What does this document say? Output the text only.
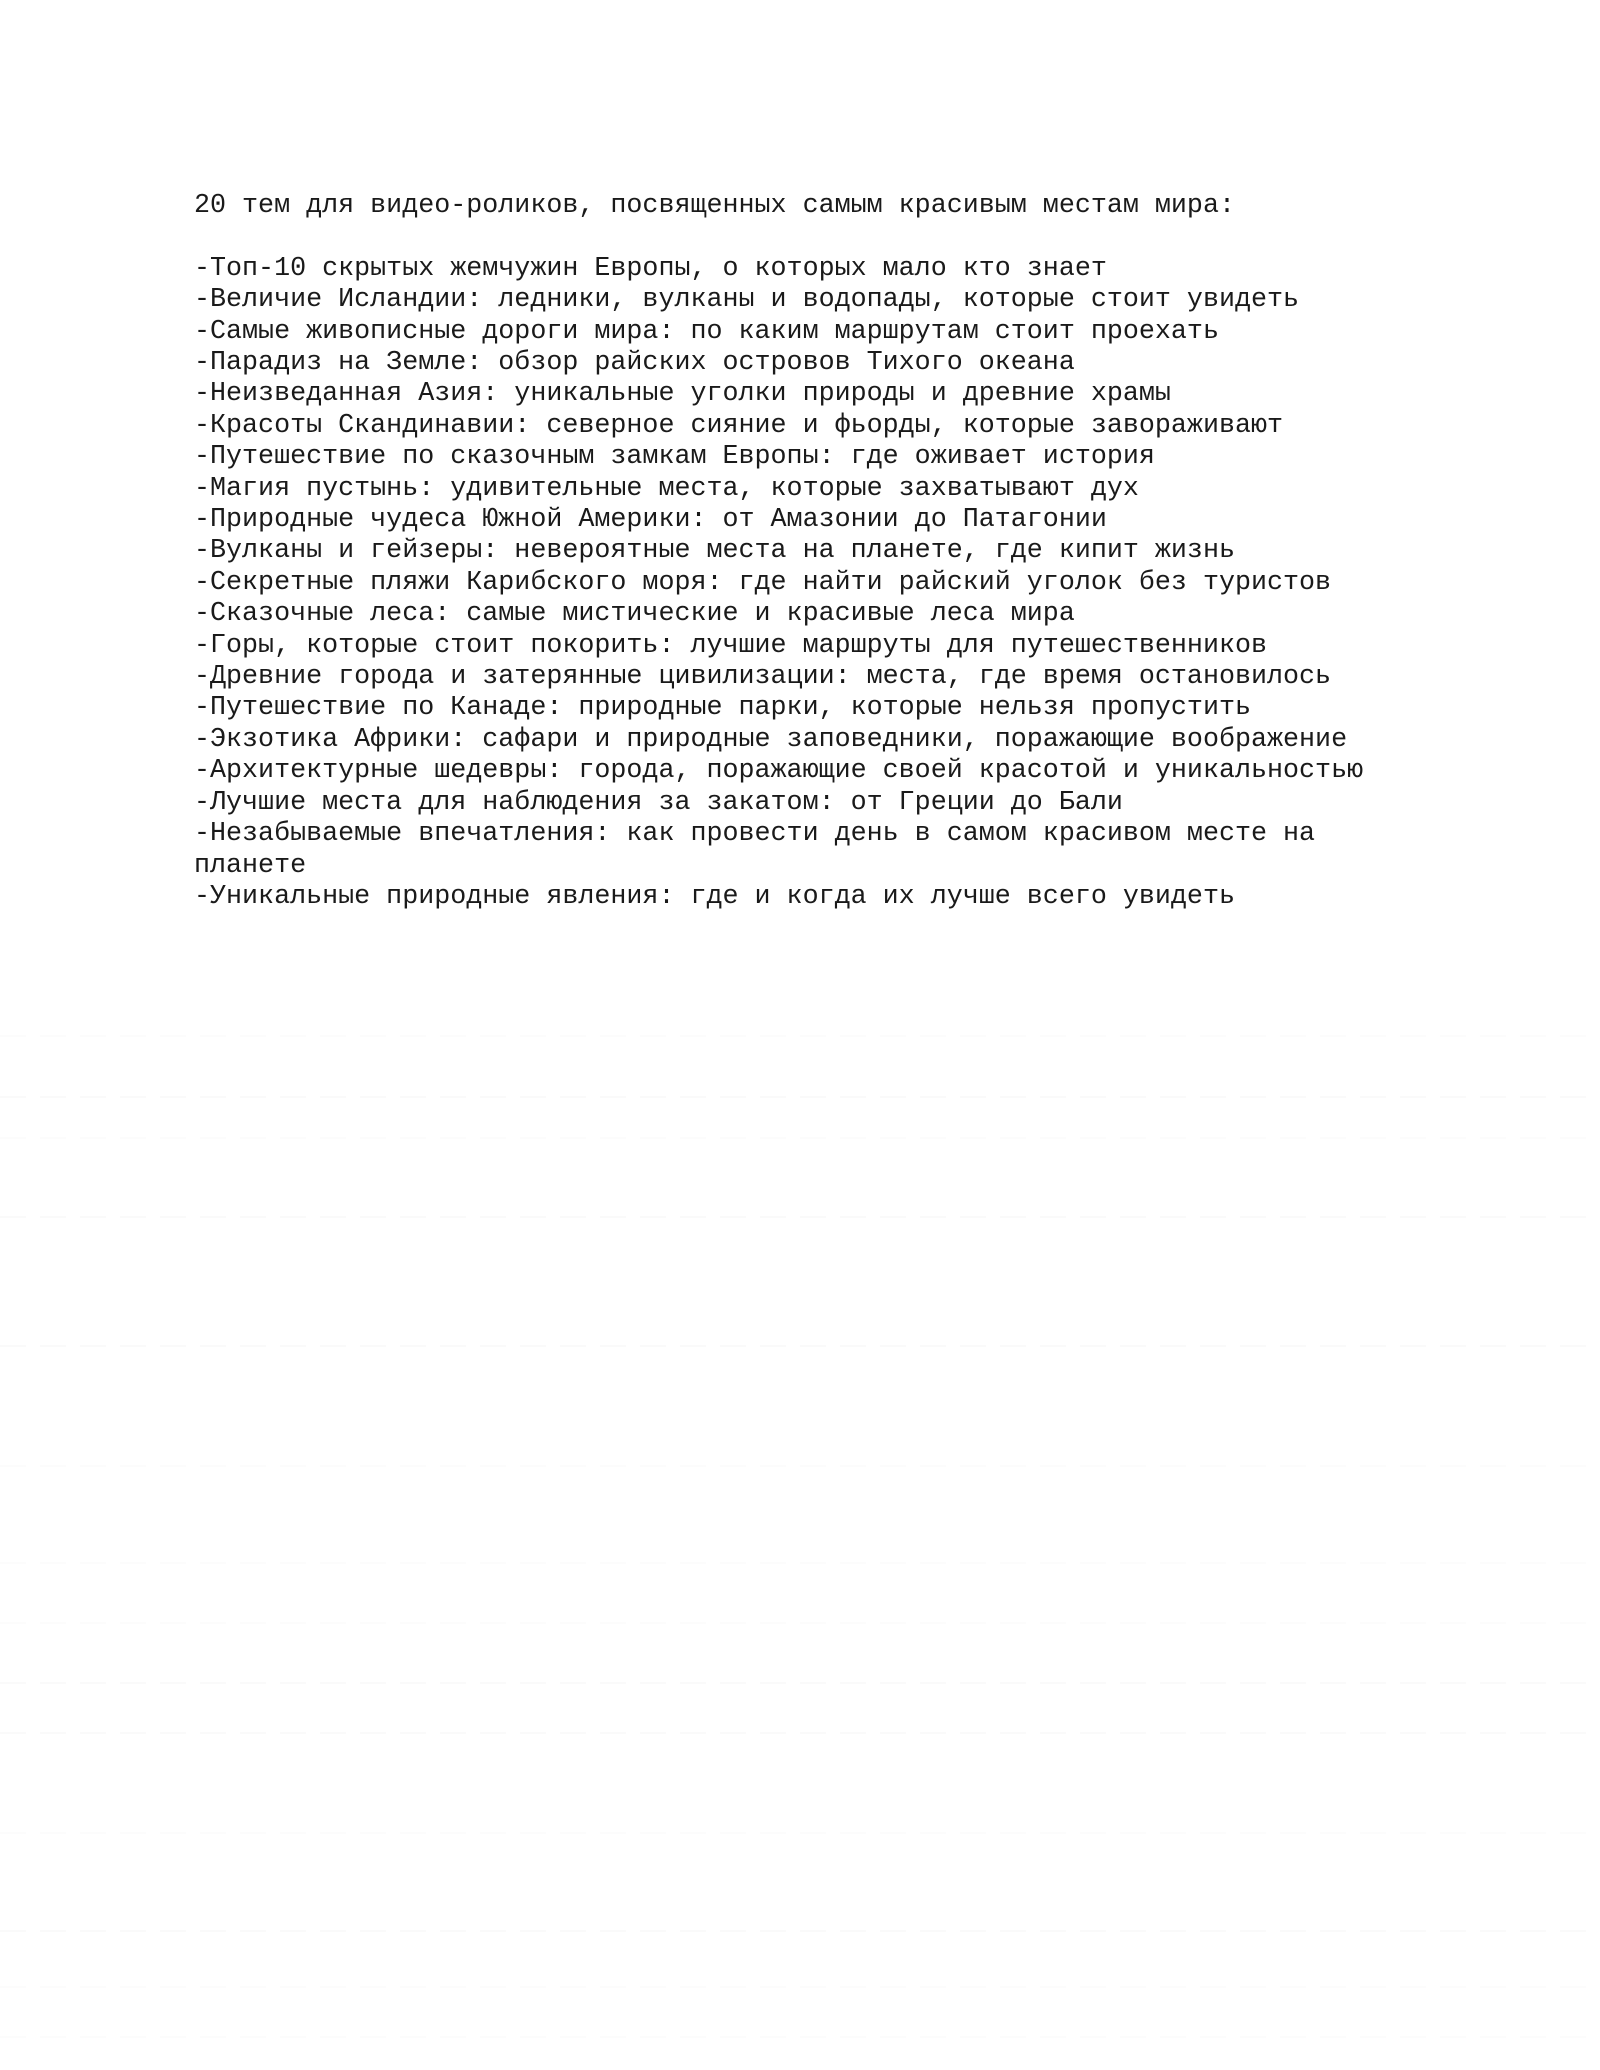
20 тем для видео-роликов, посвященных самым красивым местам мира:

-Топ-10 скрытых жемчужин Европы, о которых мало кто знает

-Величие Исландии: ледники, вулканы и водопады, которые стоит увидеть

-Самые живописные дороги мира: по каким маршрутам стоит проехать

-Парадиз на Земле: обзор райских островов Тихого океана

-Неизведанная Азия: уникальные уголки природы и древние храмы

-Красоты Скандинавии: северное сияние и фьорды, которые завораживают

-Путешествие по сказочным замкам Европы: где оживает история

-Магия пустынь: удивительные места, которые захватывают дух

-Природные чудеса Южной Америки: от Амазонии до Патагонии

-Вулканы и гейзеры: невероятные места на планете, где кипит жизнь

-Секретные пляжи Карибского моря: где найти райский уголок без туристов

-Сказочные леса: самые мистические и красивые леса мира

-Горы, которые стоит покорить: лучшие маршруты для путешественников

-Древние города и затерянные цивилизации: места, где время остановилось

-Путешествие по Канаде: природные парки, которые нельзя пропустить

-Экзотика Африки: сафари и природные заповедники, поражающие воображение

-Архитектурные шедевры: города, поражающие своей красотой и уникальностью

-Лучшие места для наблюдения за закатом: от Греции до Бали

-Незабываемые впечатления: как провести день в самом красивом месте на планете

-Уникальные природные явления: где и когда их лучше всего увидеть
